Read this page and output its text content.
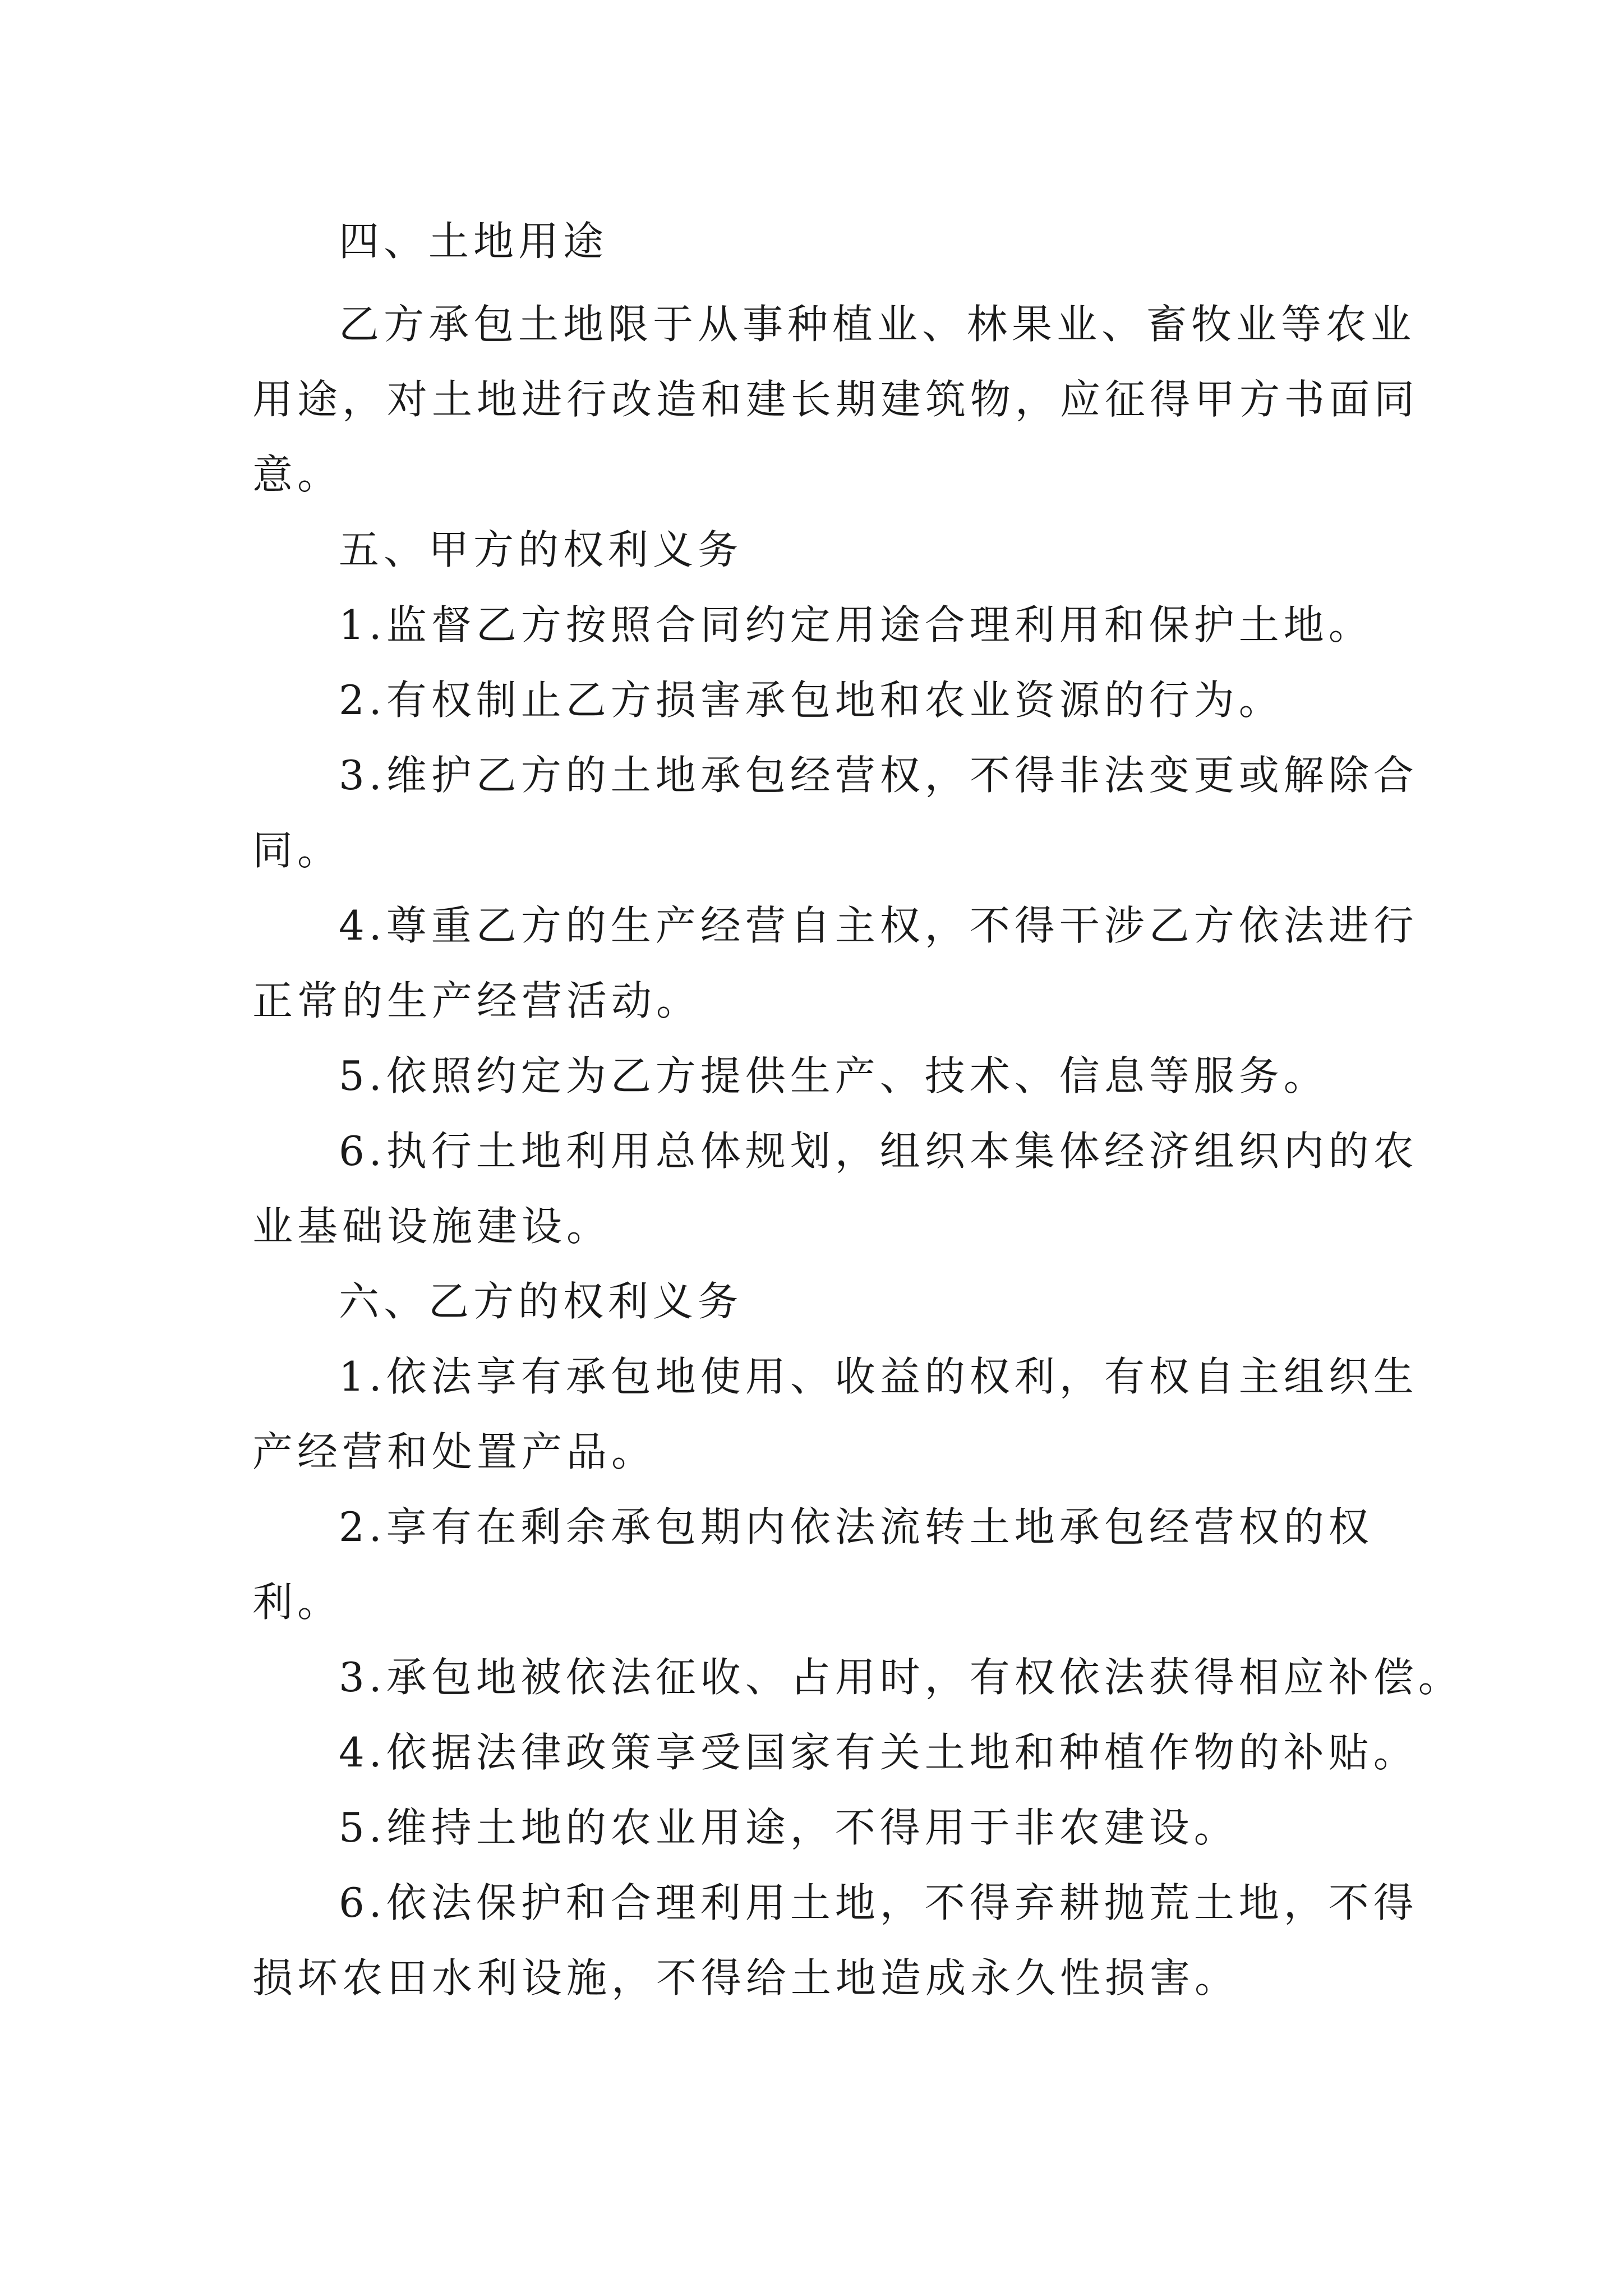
四、土地用途
乙方承包土地限于从事种植业、林果业、畜牧业等农业
用途，对土地进行改造和建长期建筑物，应征得甲方书面同
意。
五、甲方的权利义务
1.监督乙方按照合同约定用途合理利用和保护土地。
2.有权制止乙方损害承包地和农业资源的行为。
3.维护乙方的土地承包经营权，不得非法变更或解除合
同。
4.尊重乙方的生产经营自主权，不得干涉乙方依法进行
正常的生产经营活动。
5.依照约定为乙方提供生产、技术、信息等服务。
6.执行土地利用总体规划，组织本集体经济组织内的农
业基础设施建设。
六、乙方的权利义务
1.依法享有承包地使用、收益的权利，有权自主组织生
产经营和处置产品。
2.享有在剩余承包期内依法流转土地承包经营权的权
利。
3.承包地被依法征收、占用时，有权依法获得相应补偿。
4.依据法律政策享受国家有关土地和种植作物的补贴。
5.维持土地的农业用途，不得用于非农建设。
6.依法保护和合理利用土地，不得弃耕抛荒土地，不得
损坏农田水利设施，不得给土地造成永久性损害。
